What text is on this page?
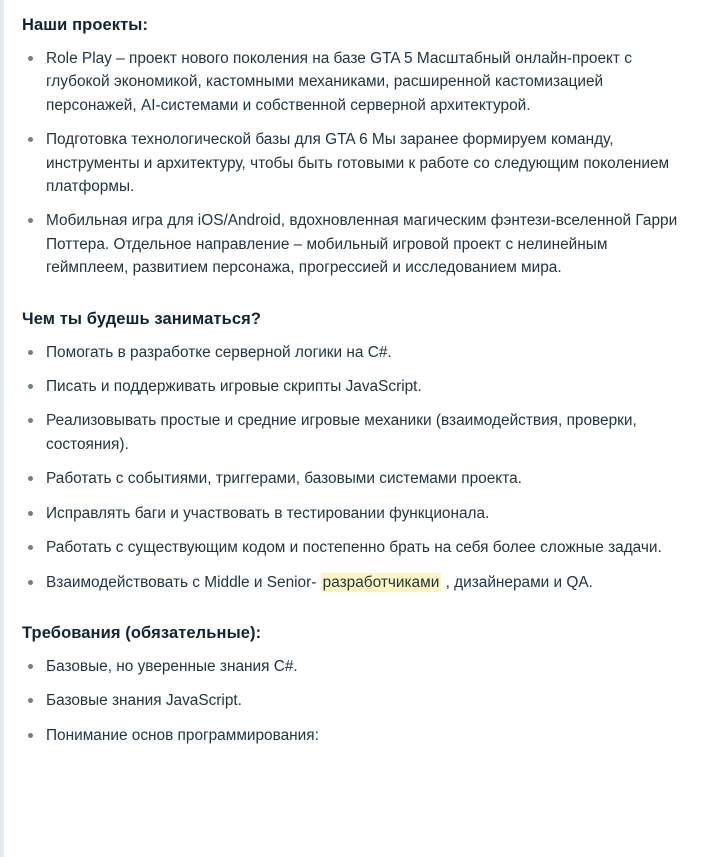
Наши проекты:
Role Play – проект нового поколения на базе GTA 5 Масштабный онлайн-проект с глубокой экономикой, кастомными механиками, расширенной кастомизацией персонажей, AI-системами и собственной серверной архитектурой.
Подготовка технологической базы для GTA 6 Мы заранее формируем команду, инструменты и архитектуру, чтобы быть готовыми к работе со следующим поколением платформы.
Мобильная игра для iOS/Android, вдохновленная магическим фэнтези-вселенной Гарри Поттера. Отдельное направление – мобильный игровой проект с нелинейным геймплеем, развитием персонажа, прогрессией и исследованием мира.
Чем ты будешь заниматься?
Помогать в разработке серверной логики на C#.
Писать и поддерживать игровые скрипты JavaScript.
Реализовывать простые и средние игровые механики (взаимодействия, проверки, состояния).
Работать с событиями, триггерами, базовыми системами проекта.
Исправлять баги и участвовать в тестировании функционала.
Работать с существующим кодом и постепенно брать на себя более сложные задачи.
Взаимодействовать с Middle и Senior- разработчиками , дизайнерами и QA.
Требования (обязательные):
Базовые, но уверенные знания C#.
Базовые знания JavaScript.
Понимание основ программирования:
